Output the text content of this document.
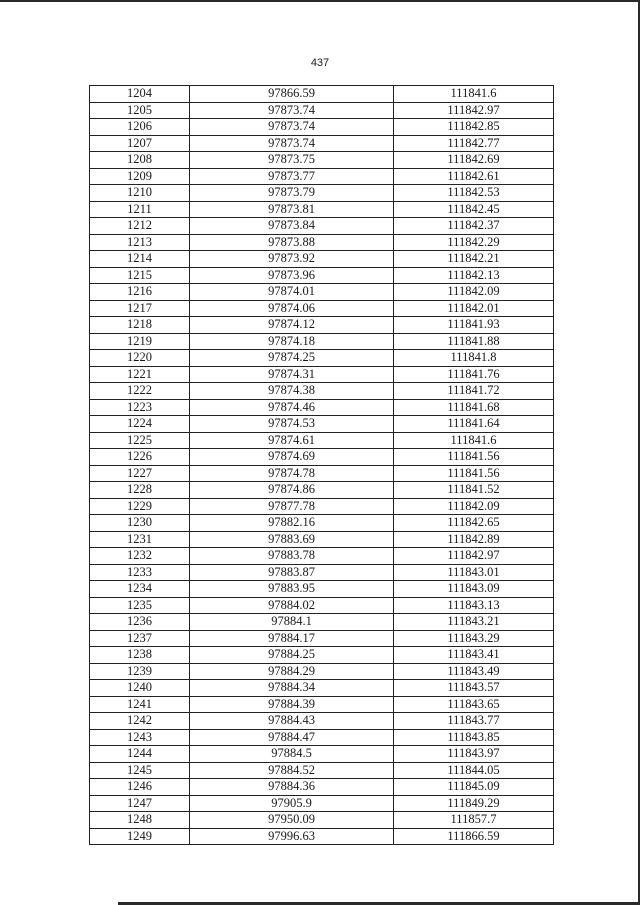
437
1204	97866.59	111841.6
1205	97873.74	111842.97
1206	97873.74	111842.85
1207	97873.74	111842.77
1208	97873.75	111842.69
1209	97873.77	111842.61
1210	97873.79	111842.53
1211	97873.81	111842.45
1212	97873.84	111842.37
1213	97873.88	111842.29
1214	97873.92	111842.21
1215	97873.96	111842.13
1216	97874.01	111842.09
1217	97874.06	111842.01
1218	97874.12	111841.93
1219	97874.18	111841.88
1220	97874.25	111841.8
1221	97874.31	111841.76
1222	97874.38	111841.72
1223	97874.46	111841.68
1224	97874.53	111841.64
1225	97874.61	111841.6
1226	97874.69	111841.56
1227	97874.78	111841.56
1228	97874.86	111841.52
1229	97877.78	111842.09
1230	97882.16	111842.65
1231	97883.69	111842.89
1232	97883.78	111842.97
1233	97883.87	111843.01
1234	97883.95	111843.09
1235	97884.02	111843.13
1236	97884.1	111843.21
1237	97884.17	111843.29
1238	97884.25	111843.41
1239	97884.29	111843.49
1240	97884.34	111843.57
1241	97884.39	111843.65
1242	97884.43	111843.77
1243	97884.47	111843.85
1244	97884.5	111843.97
1245	97884.52	111844.05
1246	97884.36	111845.09
1247	97905.9	111849.29
1248	97950.09	111857.7
1249	97996.63	111866.59
